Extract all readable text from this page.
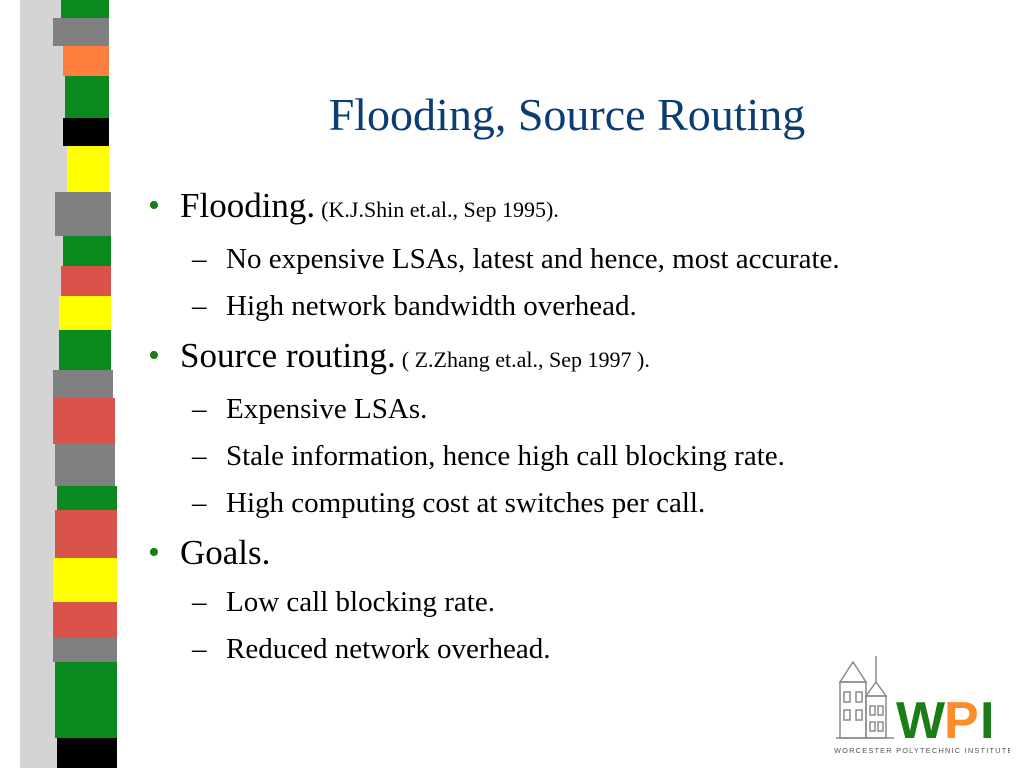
Flooding, Source Routing
• Flooding. (K.J.Shin et.al., Sep 1995).
– No expensive LSAs, latest and hence, most accurate.
– High network bandwidth overhead.
• Source routing. ( Z.Zhang et.al., Sep 1997 ).
– Expensive LSAs.
– Stale information, hence high call blocking rate.
– High computing cost at switches per call.
• Goals.
– Low call blocking rate.
– Reduced network overhead.
W
P I
WORCESTER POLYTECHNIC INSTITUTE
